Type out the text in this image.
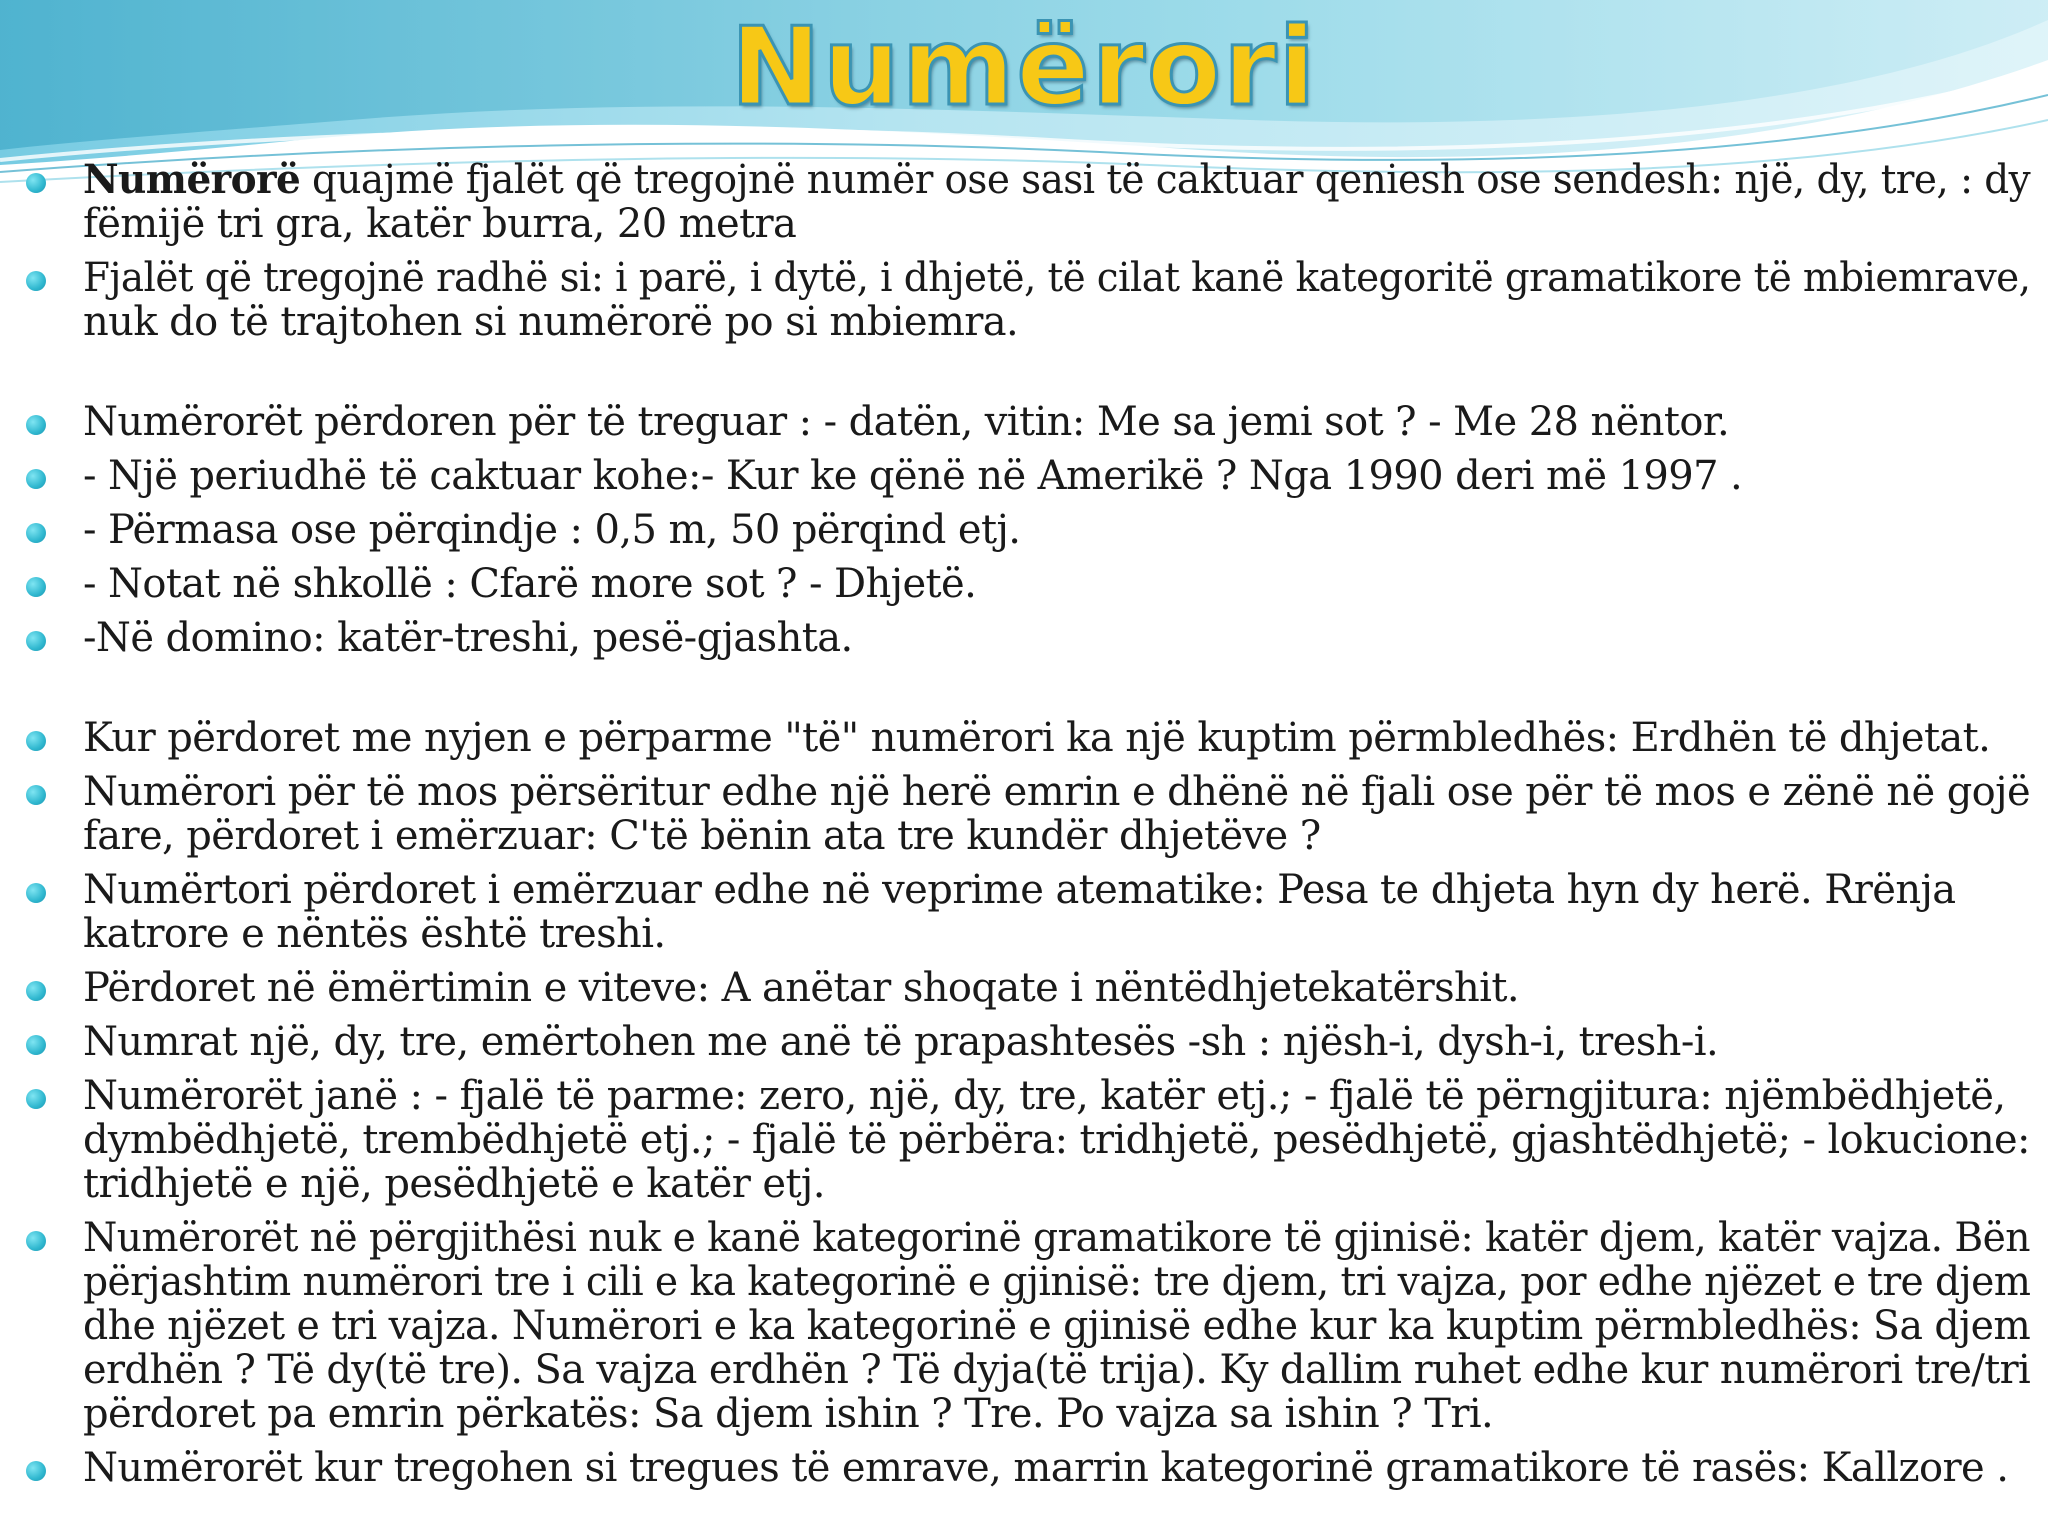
Numërori

Numërorë quajmë fjalët që tregojnë numër ose sasi të caktuar qeniesh ose sendesh: një, dy, tre, : dy
fëmijë tri gra, katër burra, 20 metra

Fjalët që tregojnë radhë si: i parë, i dytë, i dhjetë, të cilat kanë kategoritë gramatikore të mbiemrave,
nuk do të trajtohen si numërorë po si mbiemra.

Numërorët përdoren për të treguar : - datën, vitin: Me sa jemi sot ? - Me 28 nëntor.

- Një periudhë të caktuar kohe:- Kur ke qënë në Amerikë ? Nga 1990 deri më 1997 .

- Përmasa ose përqindje : 0,5 m, 50 përqind etj.

- Notat në shkollë : Cfarë more sot ? - Dhjetë.

-Në domino: katër-treshi, pesë-gjashta.

Kur përdoret me nyjen e përparme "të" numërori ka një kuptim përmbledhës: Erdhën të dhjetat.

Numërori për të mos përsëritur edhe një herë emrin e dhënë në fjali ose për të mos e zënë në gojë
fare, përdoret i emërzuar: C'të bënin ata tre kundër dhjetëve ?

Numërtori përdoret i emërzuar edhe në veprime atematike: Pesa te dhjeta hyn dy herë. Rrënja
katrore e nëntës është treshi.

Përdoret në ëmërtimin e viteve: A anëtar shoqate i nëntëdhjetekatërshit.

Numrat një, dy, tre, emërtohen me anë të prapashtesës -sh : njësh-i, dysh-i, tresh-i.

Numërorët janë : - fjalë të parme: zero, një, dy, tre, katër etj.; - fjalë të përngjitura: njëmbëdhjetë,
dymbëdhjetë, trembëdhjetë etj.; - fjalë të përbëra: tridhjetë, pesëdhjetë, gjashtëdhjetë; - lokucione:
tridhjetë e një, pesëdhjetë e katër etj.

Numërorët në përgjithësi nuk e kanë kategorinë gramatikore të gjinisë: katër djem, katër vajza. Bën
përjashtim numërori tre i cili e ka kategorinë e gjinisë: tre djem, tri vajza, por edhe njëzet e tre djem
dhe njëzet e tri vajza. Numërori e ka kategorinë e gjinisë edhe kur ka kuptim përmbledhës: Sa djem
erdhën ? Të dy(të tre). Sa vajza erdhën ? Të dyja(të trija). Ky dallim ruhet edhe kur numërori tre/tri
përdoret pa emrin përkatës: Sa djem ishin ? Tre. Po vajza sa ishin ? Tri.

Numërorët kur tregohen si tregues të emrave, marrin kategorinë gramatikore të rasës: Kallzore .
